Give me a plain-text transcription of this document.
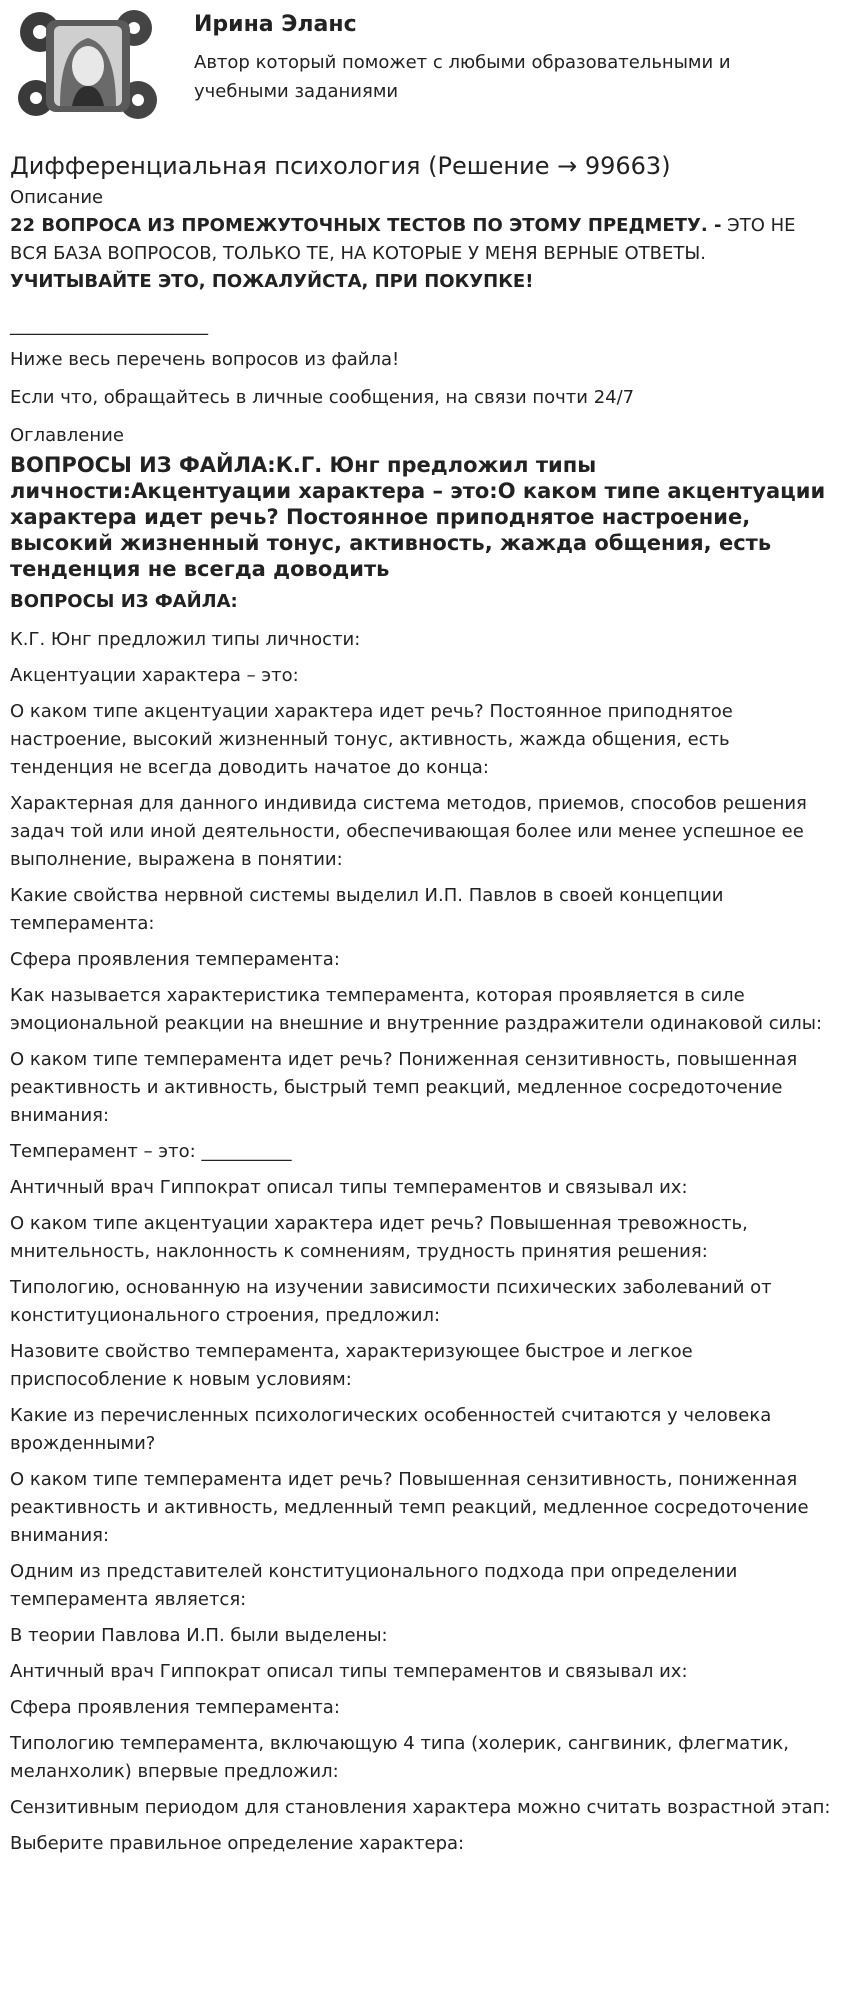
Ирина Эланс
Автор который поможет с любыми образовательными и учебными заданиями
Дифференциальная психология (Решение → 99663)
Описание
22 ВОПРОСА ИЗ ПРОМЕЖУТОЧНЫХ ТЕСТОВ ПО ЭТОМУ ПРЕДМЕТУ. - ЭТО НЕ ВСЯ БАЗА ВОПРОСОВ, ТОЛЬКО ТЕ, НА КОТОРЫЕ У МЕНЯ ВЕРНЫЕ ОТВЕТЫ. УЧИТЫВАЙТЕ ЭТО, ПОЖАЛУЙСТА, ПРИ ПОКУПКЕ!
______________________

Ниже весь перечень вопросов из файла!

Если что, обращайтесь в личные сообщения, на связи почти 24/7

Оглавление
ВОПРОСЫ ИЗ ФАЙЛА:К.Г. Юнг предложил типы личности:Акцентуации характера – это:О каком типе акцентуации характера идет речь? Постоянное приподнятое настроение, высокий жизненный тонус, активность, жажда общения, есть тенденция не всегда доводить
ВОПРОСЫ ИЗ ФАЙЛА:

К.Г. Юнг предложил типы личности:

Акцентуации характера – это:

О каком типе акцентуации характера идет речь? Постоянное приподнятое настроение, высокий жизненный тонус, активность, жажда общения, есть тенденция не всегда доводить начатое до конца:

Характерная для данного индивида система методов, приемов, способов решения задач той или иной деятельности, обеспечивающая более или менее успешное ее выполнение, выражена в понятии:

Какие свойства нервной системы выделил И.П. Павлов в своей концепции темперамента:

Сфера проявления темперамента:

Как называется характеристика темперамента, которая проявляется в силе эмоциональной реакции на внешние и внутренние раздражители одинаковой силы:

О каком типе темперамента идет речь? Пониженная сензитивность, повышенная реактивность и активность, быстрый темп реакций, медленное сосредоточение внимания:

Темперамент – это: __________

Античный врач Гиппократ описал типы темпераментов и связывал их:

О каком типе акцентуации характера идет речь? Повышенная тревожность, мнительность, наклонность к сомнениям, трудность принятия решения:

Типологию, основанную на изучении зависимости психических заболеваний от конституционального строения, предложил:

Назовите свойство темперамента, характеризующее быстрое и легкое приспособление к новым условиям:

Какие из перечисленных психологических особенностей считаются у человека врожденными?

О каком типе темперамента идет речь? Повышенная сензитивность, пониженная реактивность и активность, медленный темп реакций, медленное сосредоточение внимания:

Одним из представителей конституционального подхода при определении темперамента является:

В теории Павлова И.П. были выделены:

Античный врач Гиппократ описал типы темпераментов и связывал их:

Сфера проявления темперамента:

Типологию темперамента, включающую 4 типа (холерик, сангвиник, флегматик, меланхолик) впервые предложил:

Сензитивным периодом для становления характера можно считать возрастной этап:

Выберите правильное определение характера:
